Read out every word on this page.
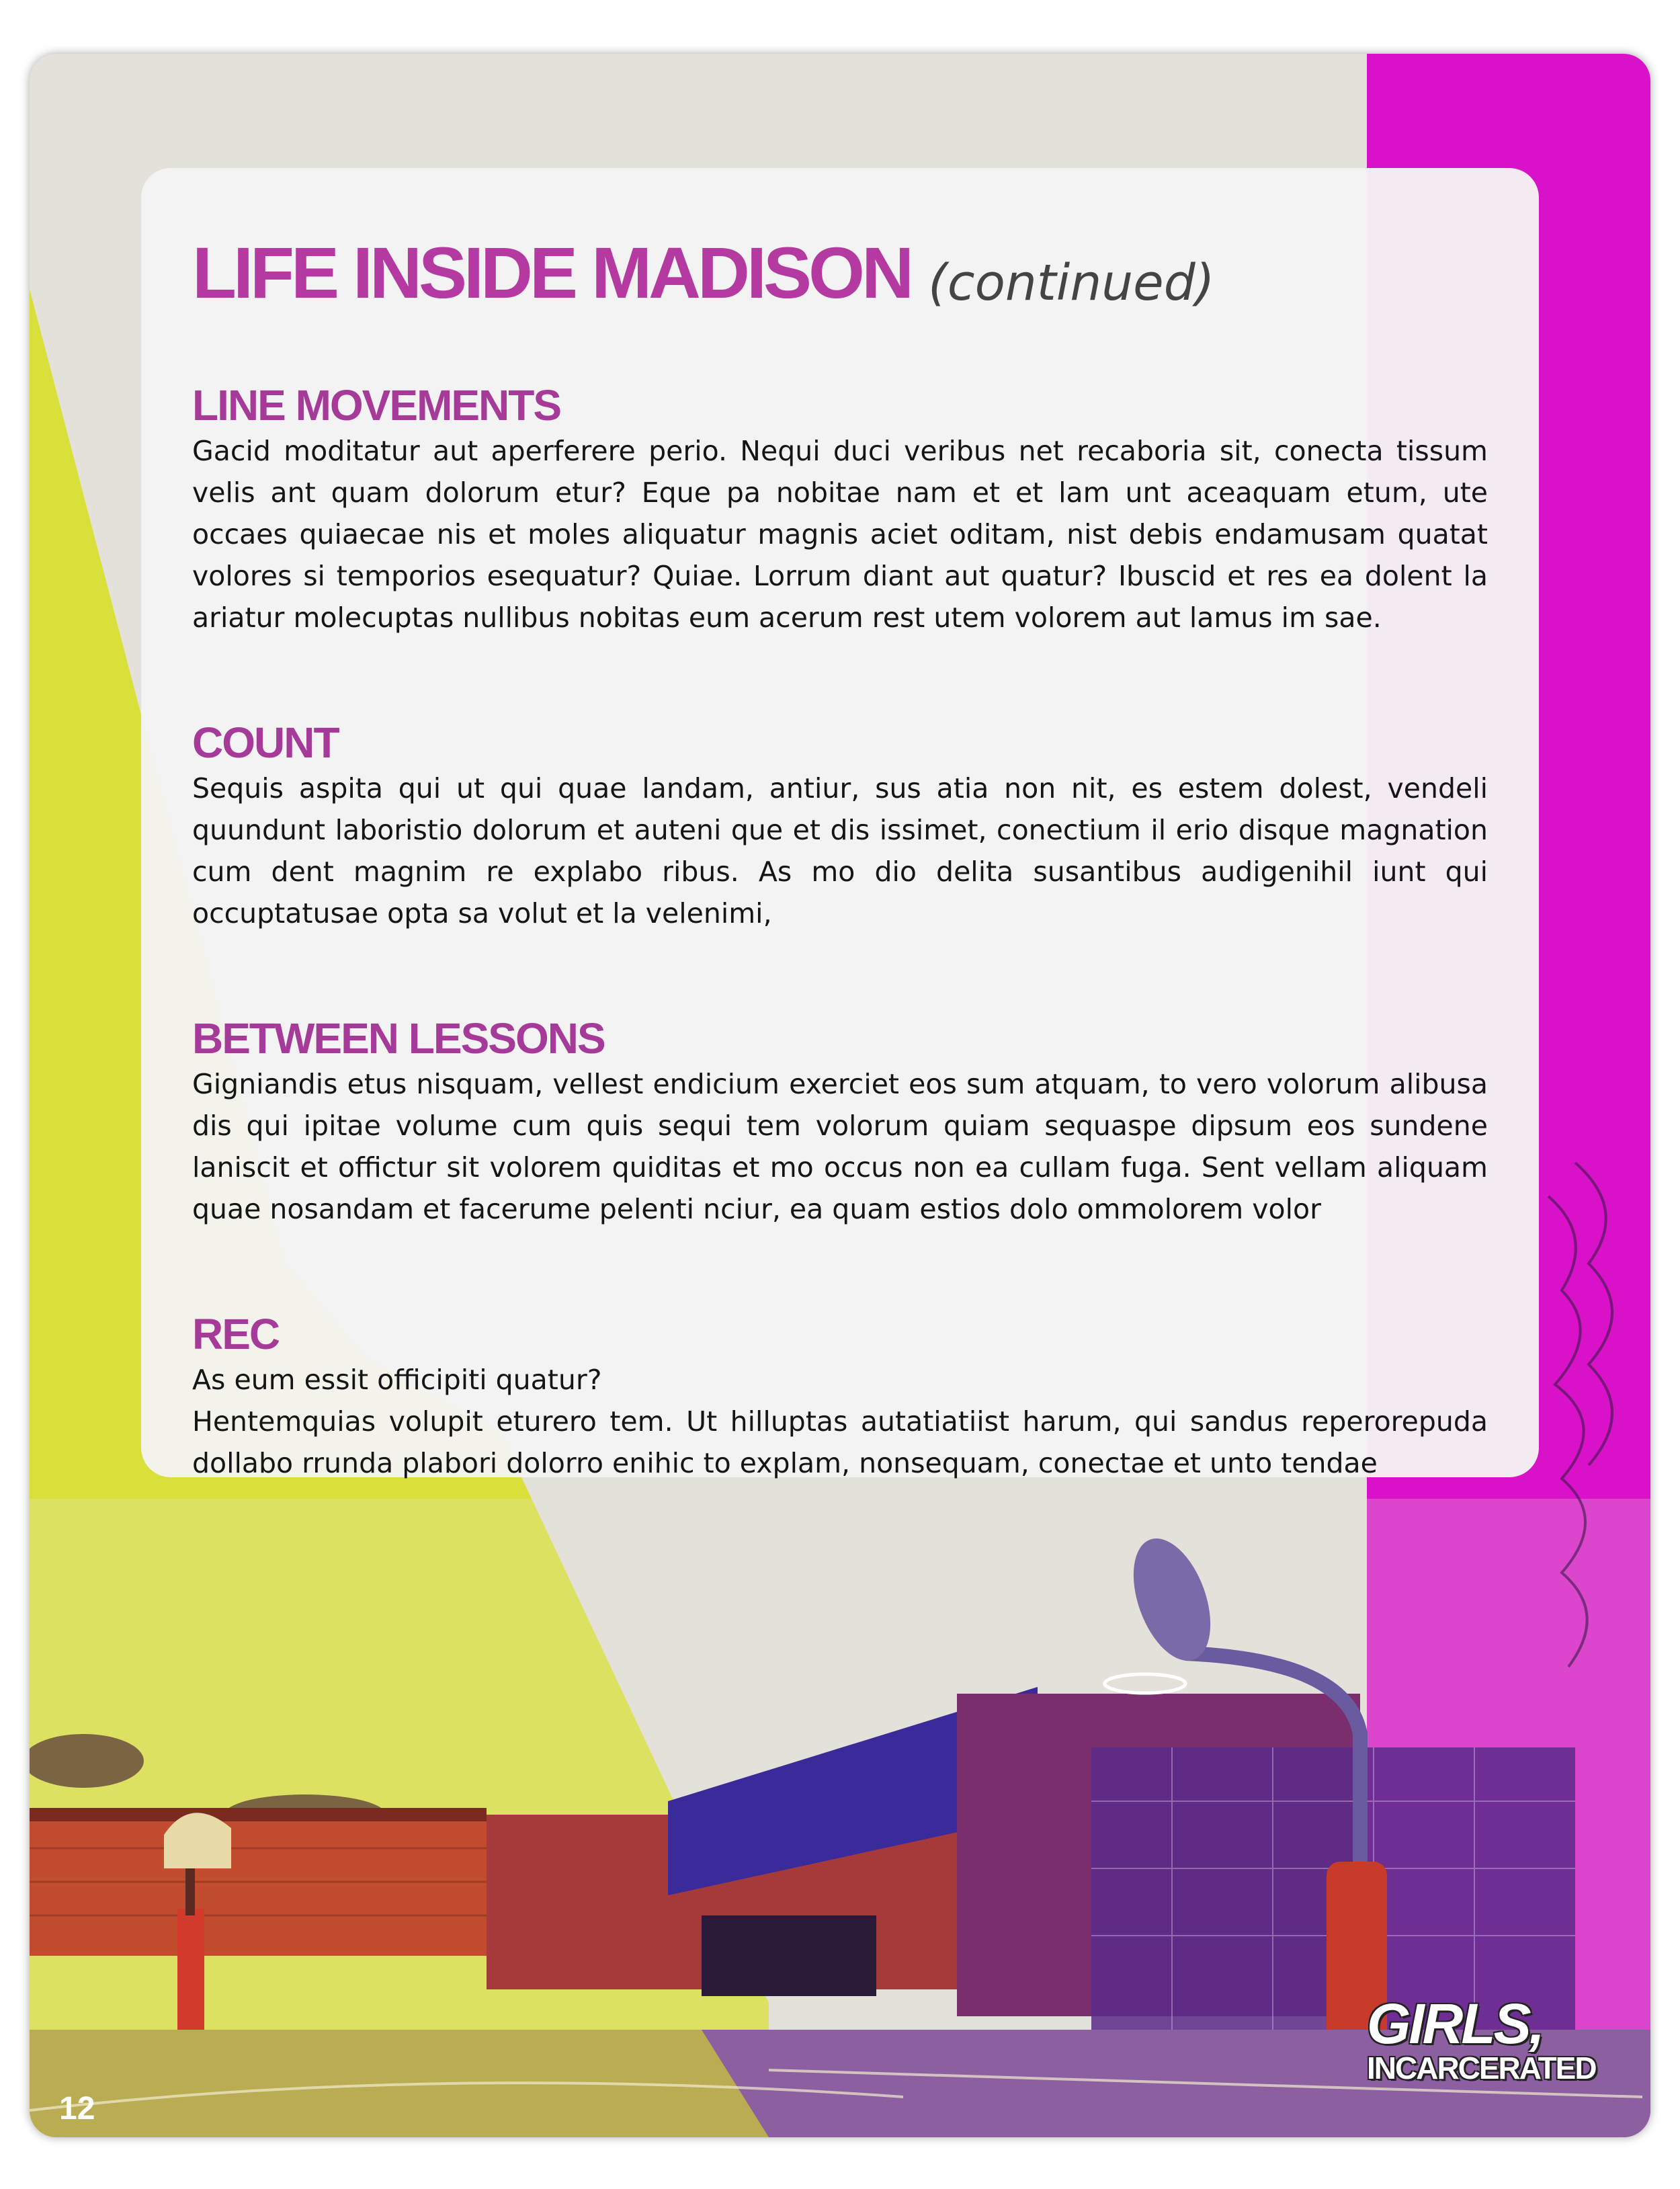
LIFE INSIDE MADISON (continued)
LINE MOVEMENTS

Gacid moditatur aut aperferere perio. Nequi duci veribus net recaboria sit, conecta tissum velis ant quam dolorum etur? Eque pa nobitae nam et et lam unt aceaquam etum, ute occaes quiaecae nis et moles aliquatur magnis aciet oditam, nist debis endamusam quatat volores si temporios esequatur? Quiae. Lorrum diant aut quatur? Ibuscid et res ea dolent la ariatur molecuptas nullibus nobitas eum acerum rest utem volorem aut lamus im sae.

COUNT

Sequis aspita qui ut qui quae landam, antiur, sus atia non nit, es estem dolest, vendeli quundunt laboristio dolorum et auteni que et dis issimet, conectium il erio disque magnation cum dent magnim re explabo ribus. As mo dio delita susantibus audigenihil iunt qui occuptatusae opta sa volut et la velenimi,

BETWEEN LESSONS

Gigniandis etus nisquam, vellest endicium exerciet eos sum atquam, to vero volorum alibusa dis qui ipitae volume cum quis sequi tem volorum quiam sequaspe dipsum eos sundene laniscit et offictur sit volorem quiditas et mo occus non ea cullam fuga. Sent vellam aliquam quae nosandam et facerume pelenti nciur, ea quam estios dolo ommolorem volor

REC

As eum essit officipiti quatur?

Hentemquias volupit eturero tem. Ut hilluptas autatiatiist harum, qui sandus reperorepuda dollabo rrunda plabori dolorro enihic to explam, nonsequam, conectae et unto tendae

12
GIRLS,
INCARCERATED
